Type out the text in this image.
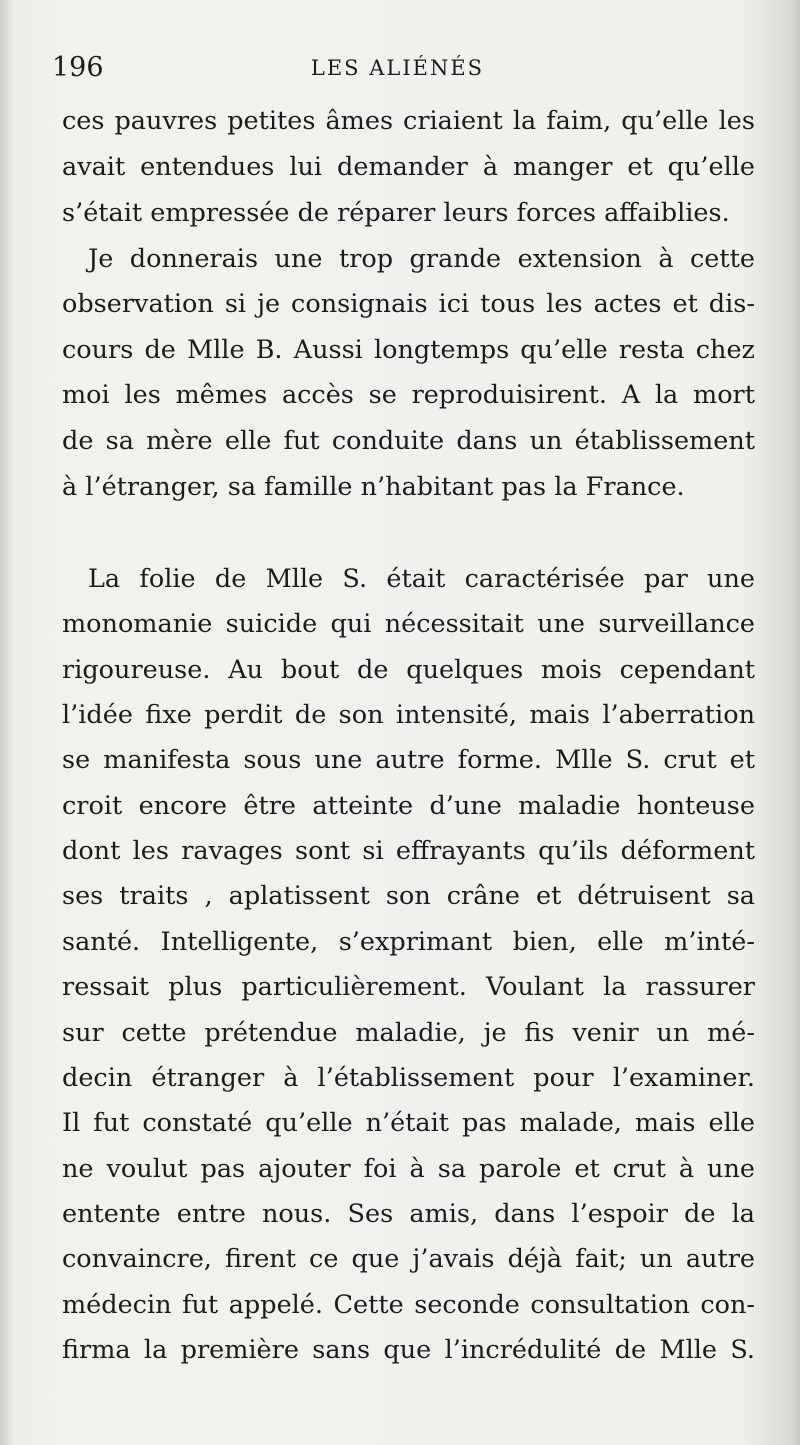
196	LES ALIÉNÉS
ces pauvres petites âmes criaient la faim, qu’elle les
avait entendues lui demander à manger et qu’elle
s’était empressée de réparer leurs forces affaiblies.
Je donnerais une trop grande extension à cette
observation si je consignais ici tous les actes et dis-
cours de Mlle B. Aussi longtemps qu’elle resta chez
moi les mêmes accès se reproduisirent. A la mort
de sa mère elle fut conduite dans un établissement
à l’étranger, sa famille n’habitant pas la France.
La folie de Mlle S. était caractérisée par une
monomanie suicide qui nécessitait une surveillance
rigoureuse. Au bout de quelques mois cependant
l’idée fixe perdit de son intensité, mais l’aberration
se manifesta sous une autre forme. Mlle S. crut et
croit encore être atteinte d’une maladie honteuse
dont les ravages sont si effrayants qu’ils déforment
ses traits , aplatissent son crâne et détruisent sa
santé. Intelligente, s’exprimant bien, elle m’inté-
ressait plus particulièrement. Voulant la rassurer
sur cette prétendue maladie, je fis venir un mé-
decin étranger à l’établissement pour l’examiner.
Il fut constaté qu’elle n’était pas malade, mais elle
ne voulut pas ajouter foi à sa parole et crut à une
entente entre nous. Ses amis, dans l’espoir de la
convaincre, firent ce que j’avais déjà fait; un autre
médecin fut appelé. Cette seconde consultation con-
firma la première sans que l’incrédulité de Mlle S.
